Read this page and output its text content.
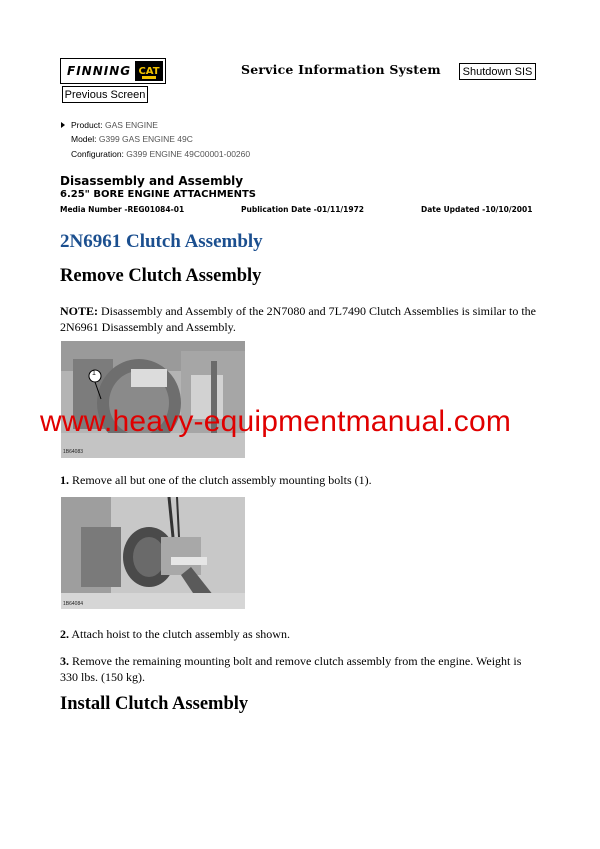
FINNING CAT	Service Information System	Shutdown SIS
Previous Screen
Product: GAS ENGINE
Model: G399 GAS ENGINE 49C
Configuration: G399 ENGINE 49C00001-00260
Disassembly and Assembly
6.25" BORE ENGINE ATTACHMENTS
Media Number -REG01084-01	Publication Date -01/11/1972	Date Updated -10/10/2001
2N6961 Clutch Assembly
Remove Clutch Assembly
NOTE: Disassembly and Assembly of the 2N7080 and 7L7490 Clutch Assemblies is similar to the 2N6961 Disassembly and Assembly.
1
1B64083
1. Remove all but one of the clutch assembly mounting bolts (1).
1B64084
2. Attach hoist to the clutch assembly as shown.
3. Remove the remaining mounting bolt and remove clutch assembly from the engine. Weight is 330 lbs. (150 kg).
Install Clutch Assembly
www.heavy-equipmentmanual.com
